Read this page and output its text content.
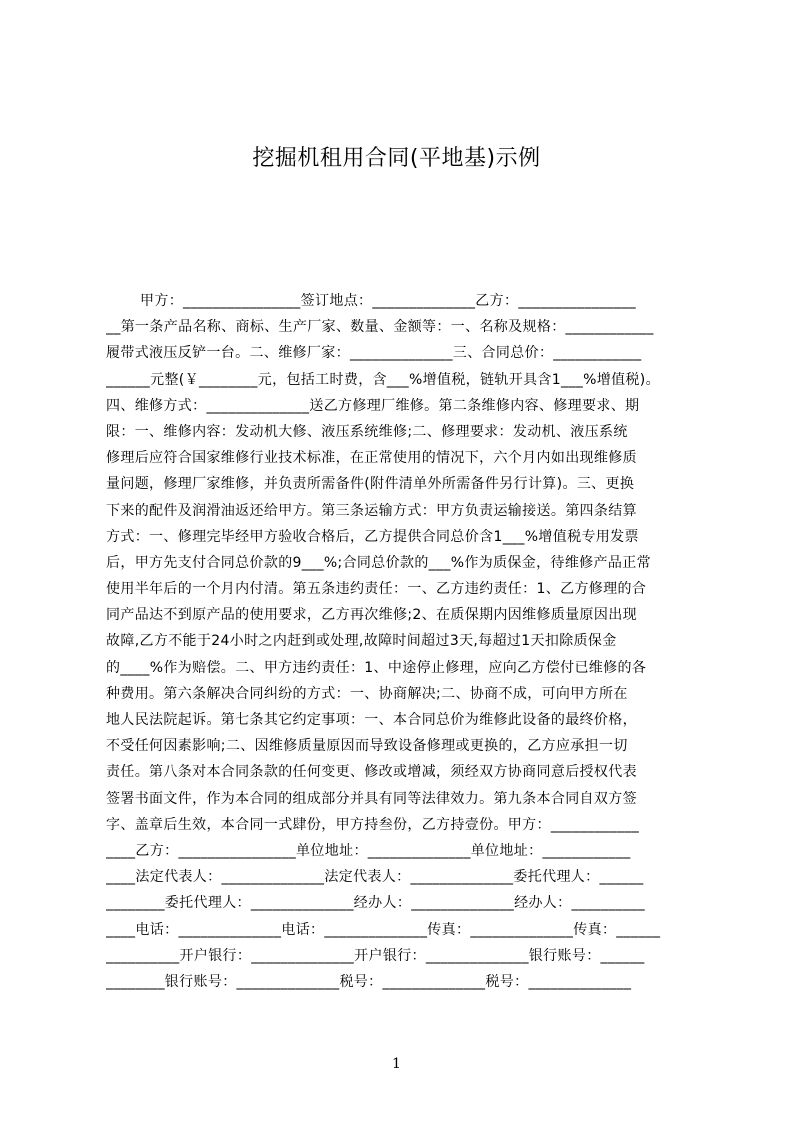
挖掘机租用合同(平地基)示例
甲方：________________签订地点：______________乙方：________________
__第一条产品名称、商标、生产厂家、数量、金额等：一、名称及规格：____________
履带式液压反铲一台。二、维修厂家：______________三、合同总价：____________
______元整(￥________元，包括工时费，含___%增值税，链轨开具含1___%增值税)。
四、维修方式：______________送乙方修理厂维修。第二条维修内容、修理要求、期
限：一、维修内容：发动机大修、液压系统维修;二、修理要求：发动机、液压系统
修理后应符合国家维修行业技术标准，在正常使用的情况下，六个月内如出现维修质
量问题，修理厂家维修，并负责所需备件(附件清单外所需备件另行计算)。三、更换
下来的配件及润滑油返还给甲方。第三条运输方式：甲方负责运输接送。第四条结算
方式：一、修理完毕经甲方验收合格后，乙方提供合同总价含1___%增值税专用发票
后，甲方先支付合同总价款的9___%;合同总价款的___%作为质保金，待维修产品正常
使用半年后的一个月内付清。第五条违约责任：一、乙方违约责任：1、乙方修理的合
同产品达不到原产品的使用要求，乙方再次维修;2、在质保期内因维修质量原因出现
故障,乙方不能于24小时之内赶到或处理,故障时间超过3天,每超过1天扣除质保金
的____%作为赔偿。二、甲方违约责任：1、中途停止修理，应向乙方偿付已维修的各
种费用。第六条解决合同纠纷的方式：一、协商解决;二、协商不成，可向甲方所在
地人民法院起诉。第七条其它约定事项：一、本合同总价为维修此设备的最终价格，
不受任何因素影响;二、因维修质量原因而导致设备修理或更换的，乙方应承担一切
责任。第八条对本合同条款的任何变更、修改或增减，须经双方协商同意后授权代表
签署书面文件，作为本合同的组成部分并具有同等法律效力。第九条本合同自双方签
字、盖章后生效，本合同一式肆份，甲方持叁份，乙方持壹份。甲方：____________
____乙方：________________单位地址：______________单位地址：____________
____法定代表人：______________法定代表人：______________委托代理人：______
________委托代理人：______________经办人：______________经办人：__________
____电话：______________电话：______________传真：______________传真：______
__________开户银行：______________开户银行：______________银行账号：______
________银行账号：______________税号：______________税号：______________
1
